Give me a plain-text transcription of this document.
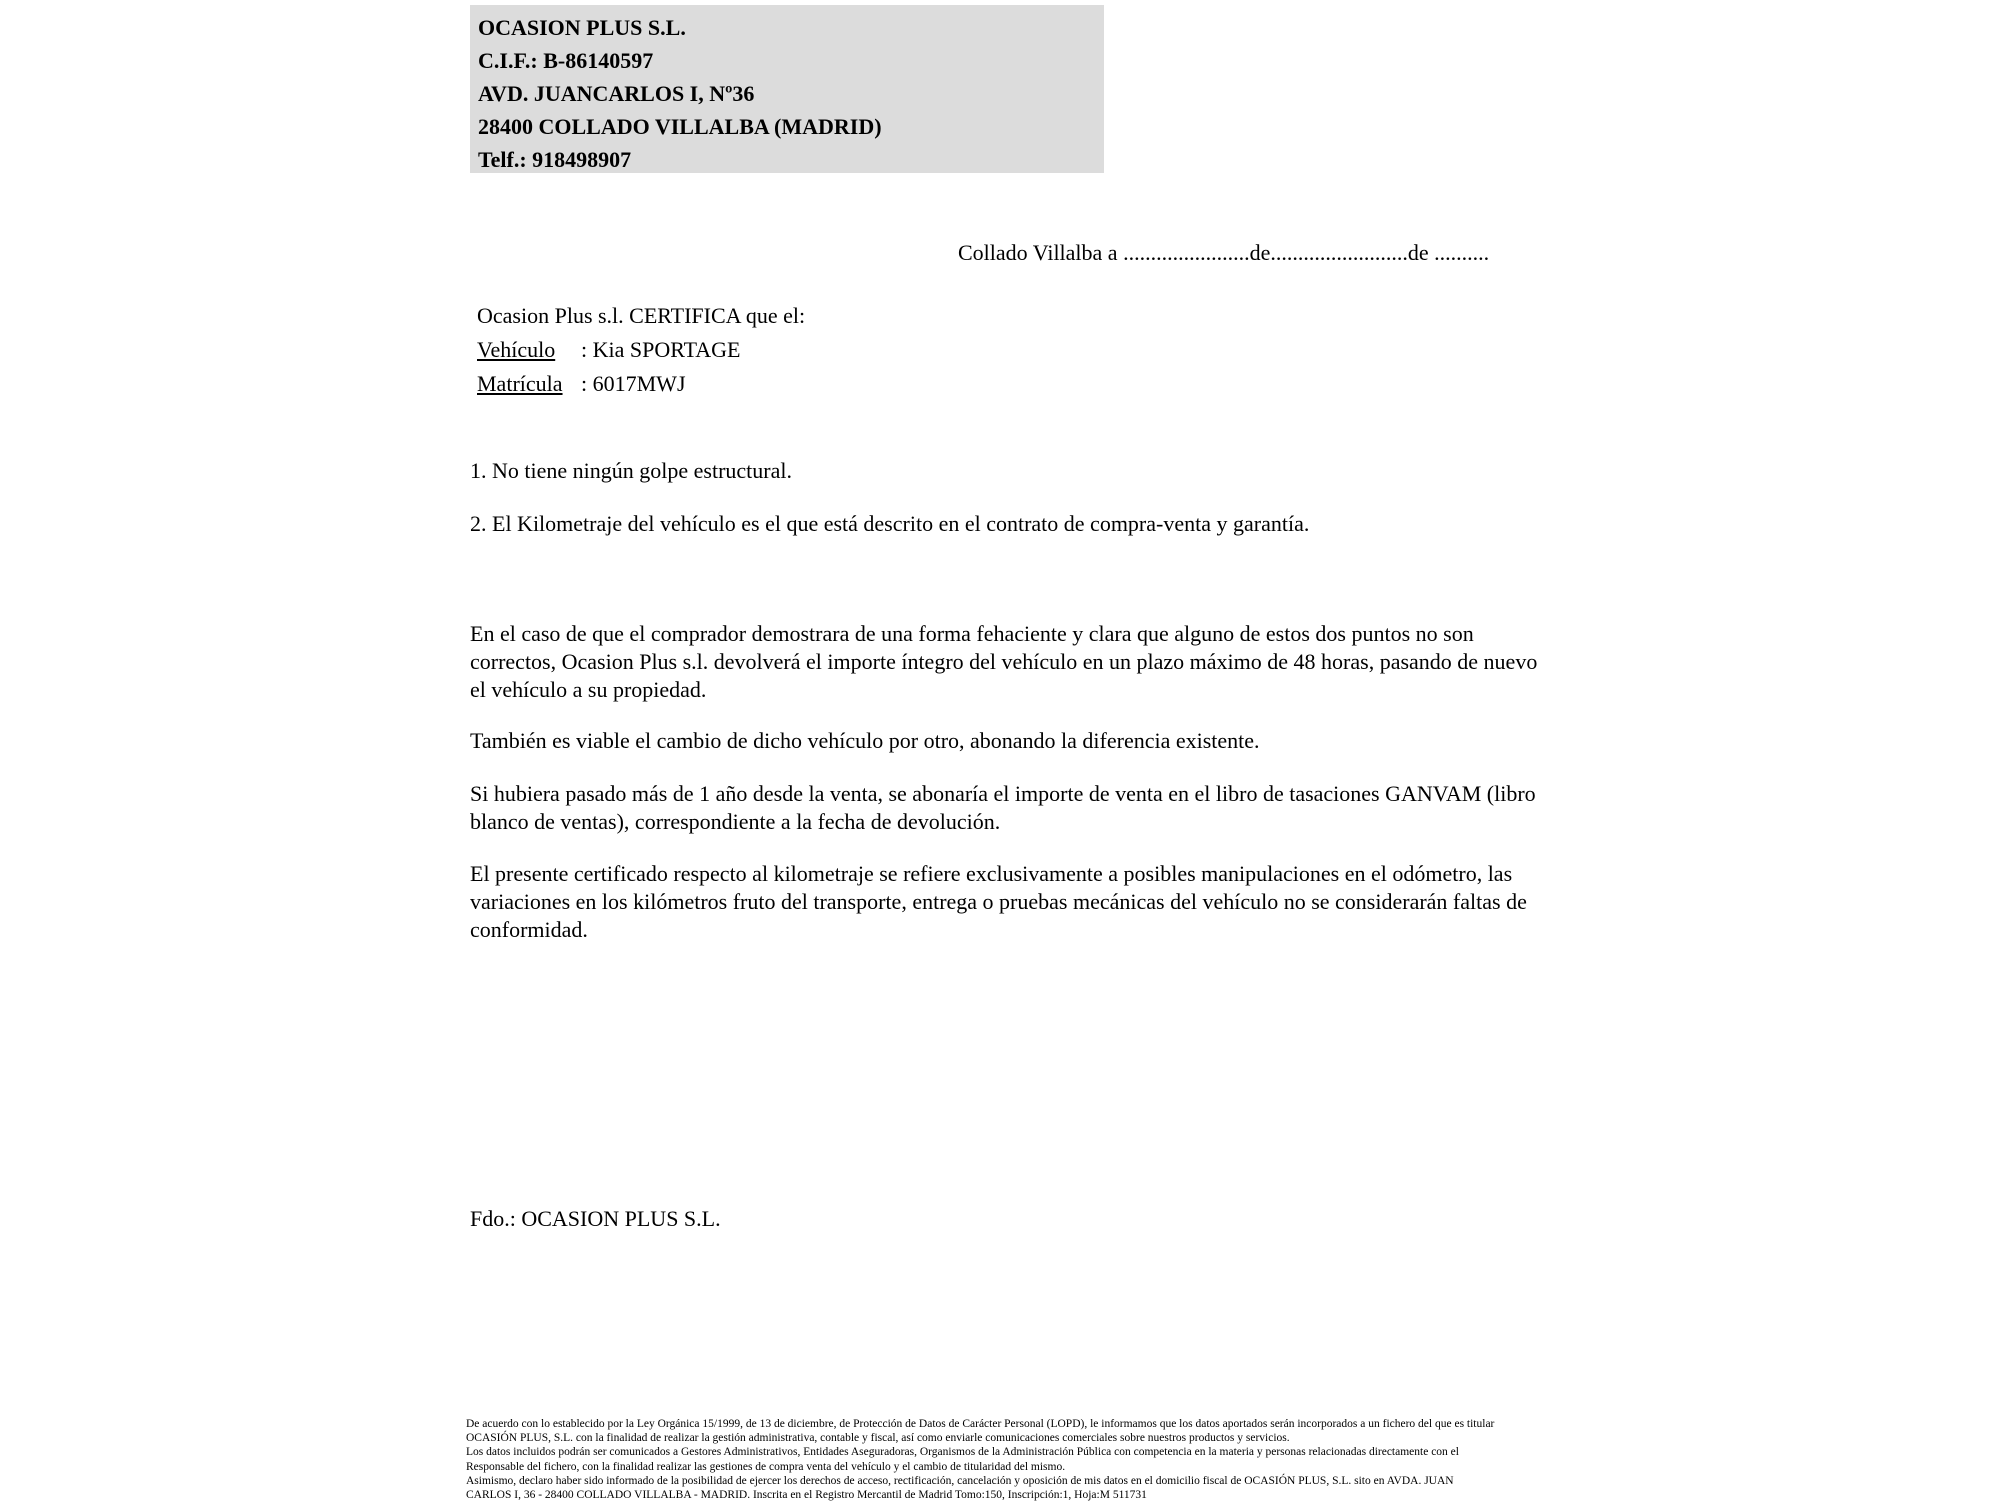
OCASION PLUS S.L.
C.I.F.: B-86140597
AVD. JUANCARLOS I, Nº36
28400 COLLADO VILLALBA (MADRID)
Telf.: 918498907
Collado Villalba a .......................de.........................de ..........
Ocasion Plus s.l. CERTIFICA que el:
Vehículo : Kia SPORTAGE
Matrícula : 6017MWJ
1. No tiene ningún golpe estructural.
2. El Kilometraje del vehículo es el que está descrito en el contrato de compra-venta y garantía.
En el caso de que el comprador demostrara de una forma fehaciente y clara que alguno de estos dos puntos no son correctos, Ocasion Plus s.l. devolverá el importe íntegro del vehículo en un plazo máximo de 48 horas, pasando de nuevo el vehículo a su propiedad.
También es viable el cambio de dicho vehículo por otro, abonando la diferencia existente.
Si hubiera pasado más de 1 año desde la venta, se abonaría el importe de venta en el libro de tasaciones GANVAM (libro blanco de ventas), correspondiente a la fecha de devolución.
El presente certificado respecto al kilometraje se refiere exclusivamente a posibles manipulaciones en el odómetro, las variaciones en los kilómetros fruto del transporte, entrega o pruebas mecánicas del vehículo no se considerarán faltas de conformidad.
Fdo.: OCASION PLUS S.L.
De acuerdo con lo establecido por la Ley Orgánica 15/1999, de 13 de diciembre, de Protección de Datos de Carácter Personal (LOPD), le informamos que los datos aportados serán incorporados a un fichero del que es titular
OCASIÓN PLUS, S.L. con la finalidad de realizar la gestión administrativa, contable y fiscal, así como enviarle comunicaciones comerciales sobre nuestros productos y servicios.
Los datos incluidos podrán ser comunicados a Gestores Administrativos, Entidades Aseguradoras, Organismos de la Administración Pública con competencia en la materia y personas relacionadas directamente con el
Responsable del fichero, con la finalidad realizar las gestiones de compra venta del vehículo y el cambio de titularidad del mismo.
Asimismo, declaro haber sido informado de la posibilidad de ejercer los derechos de acceso, rectificación, cancelación y oposición de mis datos en el domicilio fiscal de OCASIÓN PLUS, S.L. sito en AVDA. JUAN
CARLOS I, 36 - 28400 COLLADO VILLALBA - MADRID. Inscrita en el Registro Mercantil de Madrid Tomo:150, Inscripción:1, Hoja:M 511731
